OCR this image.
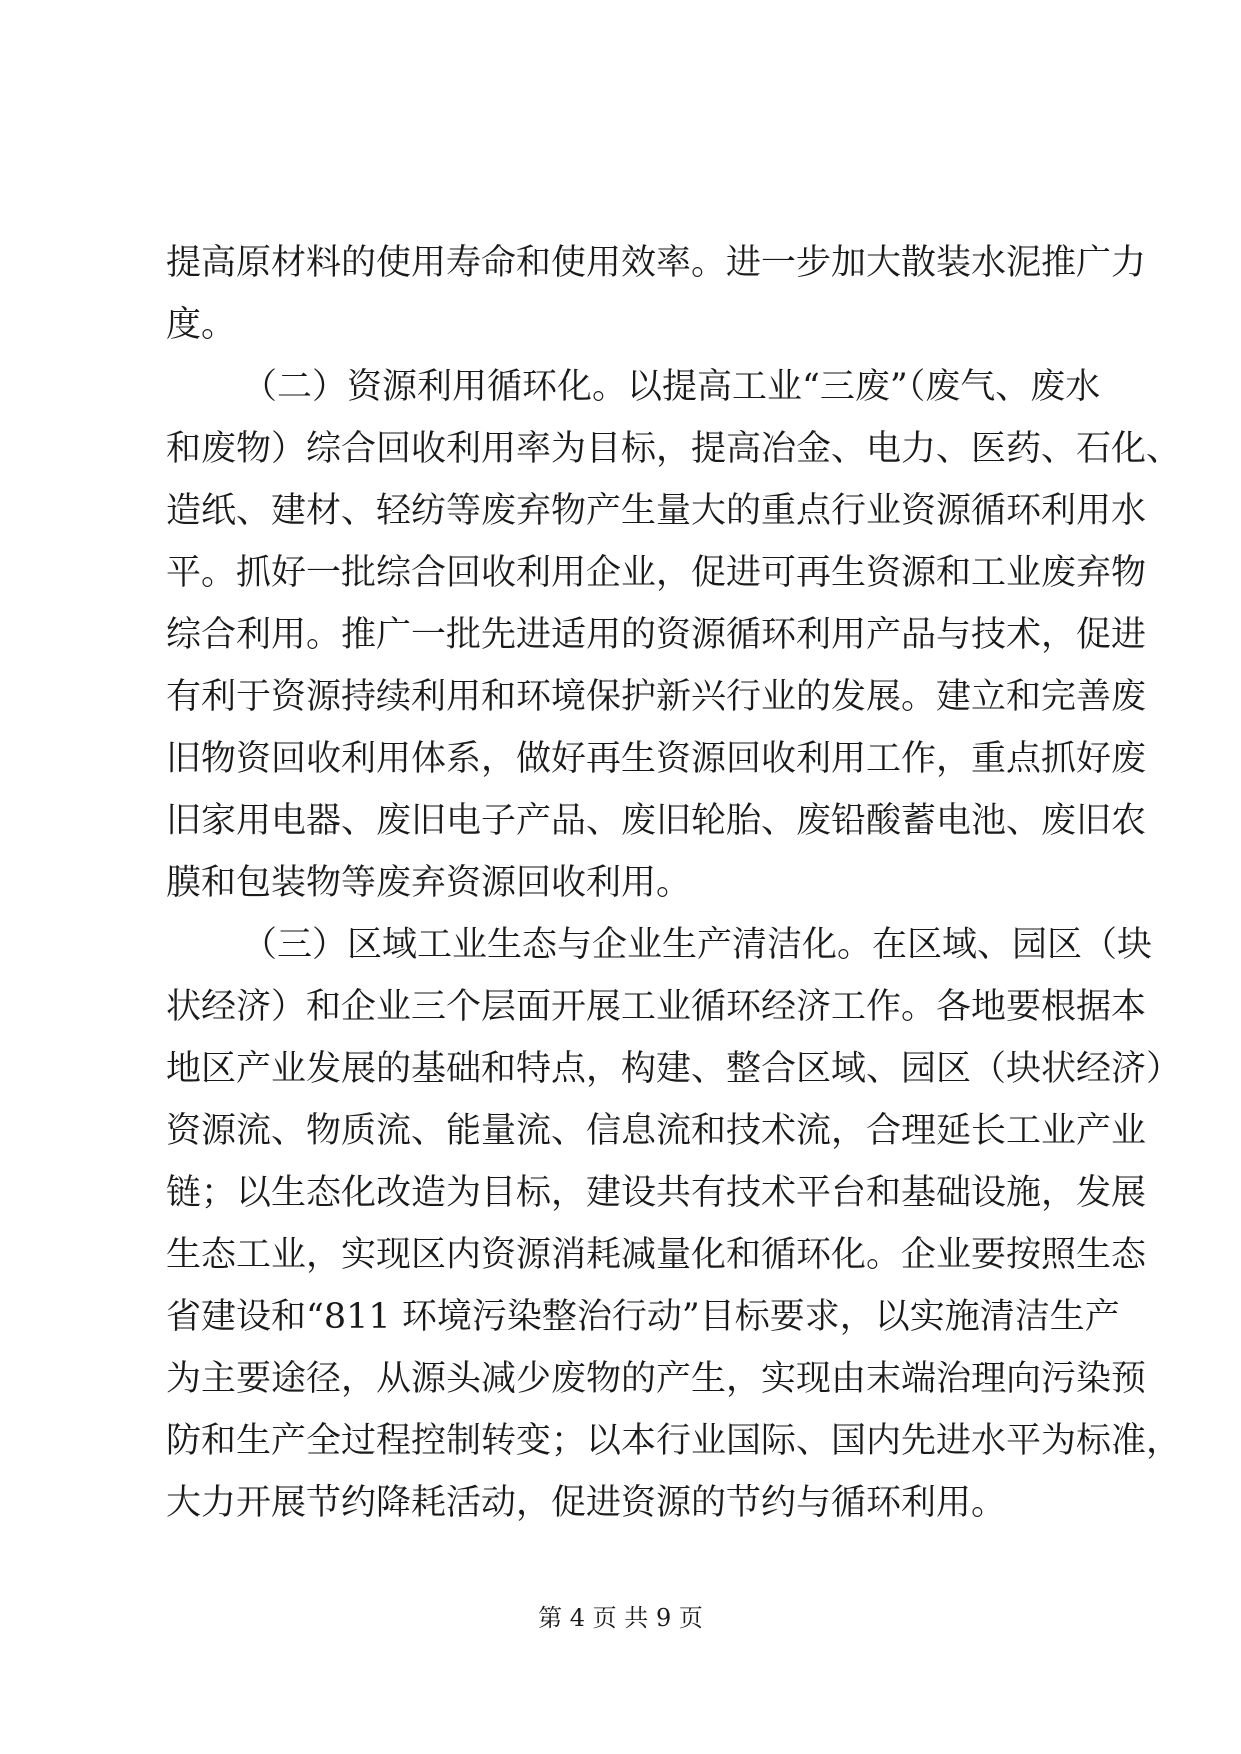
提高原材料的使用寿命和使用效率。进一步加大散装水泥推广力
度。
（二）资源利用循环化。以提高工业“三废”（废气、废水
和废物）综合回收利用率为目标，提高冶金、电力、医药、石化、
造纸、建材、轻纺等废弃物产生量大的重点行业资源循环利用水
平。抓好一批综合回收利用企业，促进可再生资源和工业废弃物
综合利用。推广一批先进适用的资源循环利用产品与技术，促进
有利于资源持续利用和环境保护新兴行业的发展。建立和完善废
旧物资回收利用体系，做好再生资源回收利用工作，重点抓好废
旧家用电器、废旧电子产品、废旧轮胎、废铅酸蓄电池、废旧农
膜和包装物等废弃资源回收利用。
（三）区域工业生态与企业生产清洁化。在区域、园区（块
状经济）和企业三个层面开展工业循环经济工作。各地要根据本
地区产业发展的基础和特点，构建、整合区域、园区（块状经济）
资源流、物质流、能量流、信息流和技术流，合理延长工业产业
链；以生态化改造为目标，建设共有技术平台和基础设施，发展
生态工业，实现区内资源消耗减量化和循环化。企业要按照生态
省建设和“811 环境污染整治行动”目标要求，以实施清洁生产
为主要途径，从源头减少废物的产生，实现由末端治理向污染预
防和生产全过程控制转变；以本行业国际、国内先进水平为标准，
大力开展节约降耗活动，促进资源的节约与循环利用。
第 4 页 共 9 页
